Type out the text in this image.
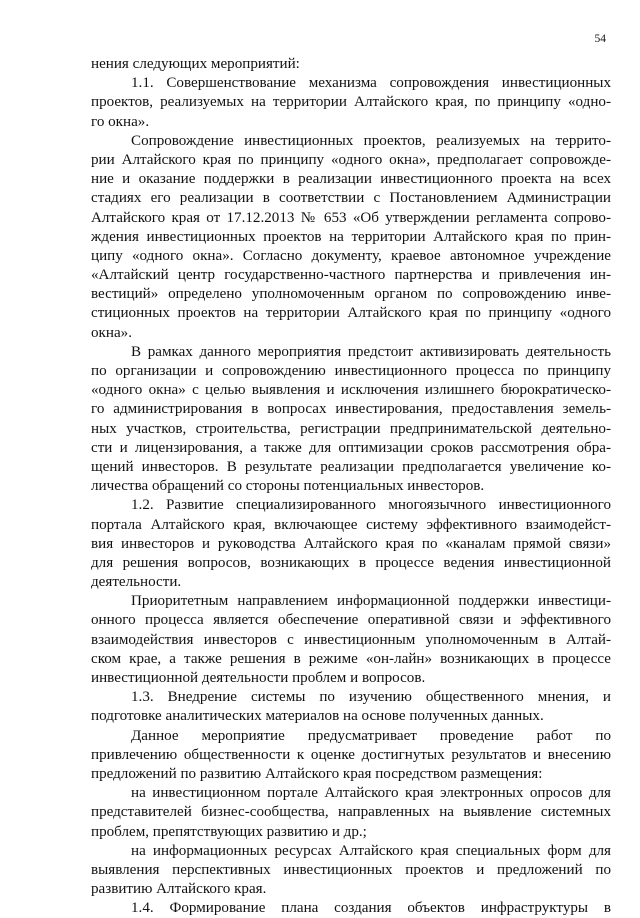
54
нения следующих мероприятий:
1.1. Совершенствование механизма сопровождения инвестиционных
проектов, реализуемых на территории Алтайского края, по принципу «одно-
го окна».
Сопровождение инвестиционных проектов, реализуемых на террито-
рии Алтайского края по принципу «одного окна», предполагает сопровожде-
ние и оказание поддержки в реализации инвестиционного проекта на всех
стадиях его реализации в соответствии с Постановлением Администрации
Алтайского края от 17.12.2013 № 653 «Об утверждении регламента сопрово-
ждения инвестиционных проектов на территории Алтайского края по прин-
ципу «одного окна». Согласно документу, краевое автономное учреждение
«Алтайский центр государственно-частного партнерства и привлечения ин-
вестиций» определено уполномоченным органом по сопровождению инве-
стиционных проектов на территории Алтайского края по принципу «одного
окна».
В рамках данного мероприятия предстоит активизировать деятельность
по организации и сопровождению инвестиционного процесса по принципу
«одного окна» с целью выявления и исключения излишнего бюрократическо-
го администрирования в вопросах инвестирования, предоставления земель-
ных участков, строительства, регистрации предпринимательской деятельно-
сти и лицензирования, а также для оптимизации сроков рассмотрения обра-
щений инвесторов. В результате реализации предполагается увеличение ко-
личества обращений со стороны потенциальных инвесторов.
1.2. Развитие специализированного многоязычного инвестиционного
портала Алтайского края, включающее систему эффективного взаимодейст-
вия инвесторов и руководства Алтайского края по «каналам прямой связи»
для решения вопросов, возникающих в процессе ведения инвестиционной
деятельности.
Приоритетным направлением информационной поддержки инвестици-
онного процесса является обеспечение оперативной связи и эффективного
взаимодействия инвесторов с инвестиционным уполномоченным в Алтай-
ском крае, а также решения в режиме «он-лайн» возникающих в процессе
инвестиционной деятельности проблем и вопросов.
1.3. Внедрение системы по изучению общественного мнения, и
подготовке аналитических материалов на основе полученных данных.
Данное мероприятие предусматривает проведение работ по
привлечению общественности к оценке достигнутых результатов и внесению
предложений по развитию Алтайского края посредством размещения:
на инвестиционном портале Алтайского края электронных опросов для
представителей бизнес-сообщества, направленных на выявление системных
проблем, препятствующих развитию и др.;
на информационных ресурсах Алтайского края специальных форм для
выявления перспективных инвестиционных проектов и предложений по
развитию Алтайского края.
1.4. Формирование плана создания объектов инфраструктуры в
